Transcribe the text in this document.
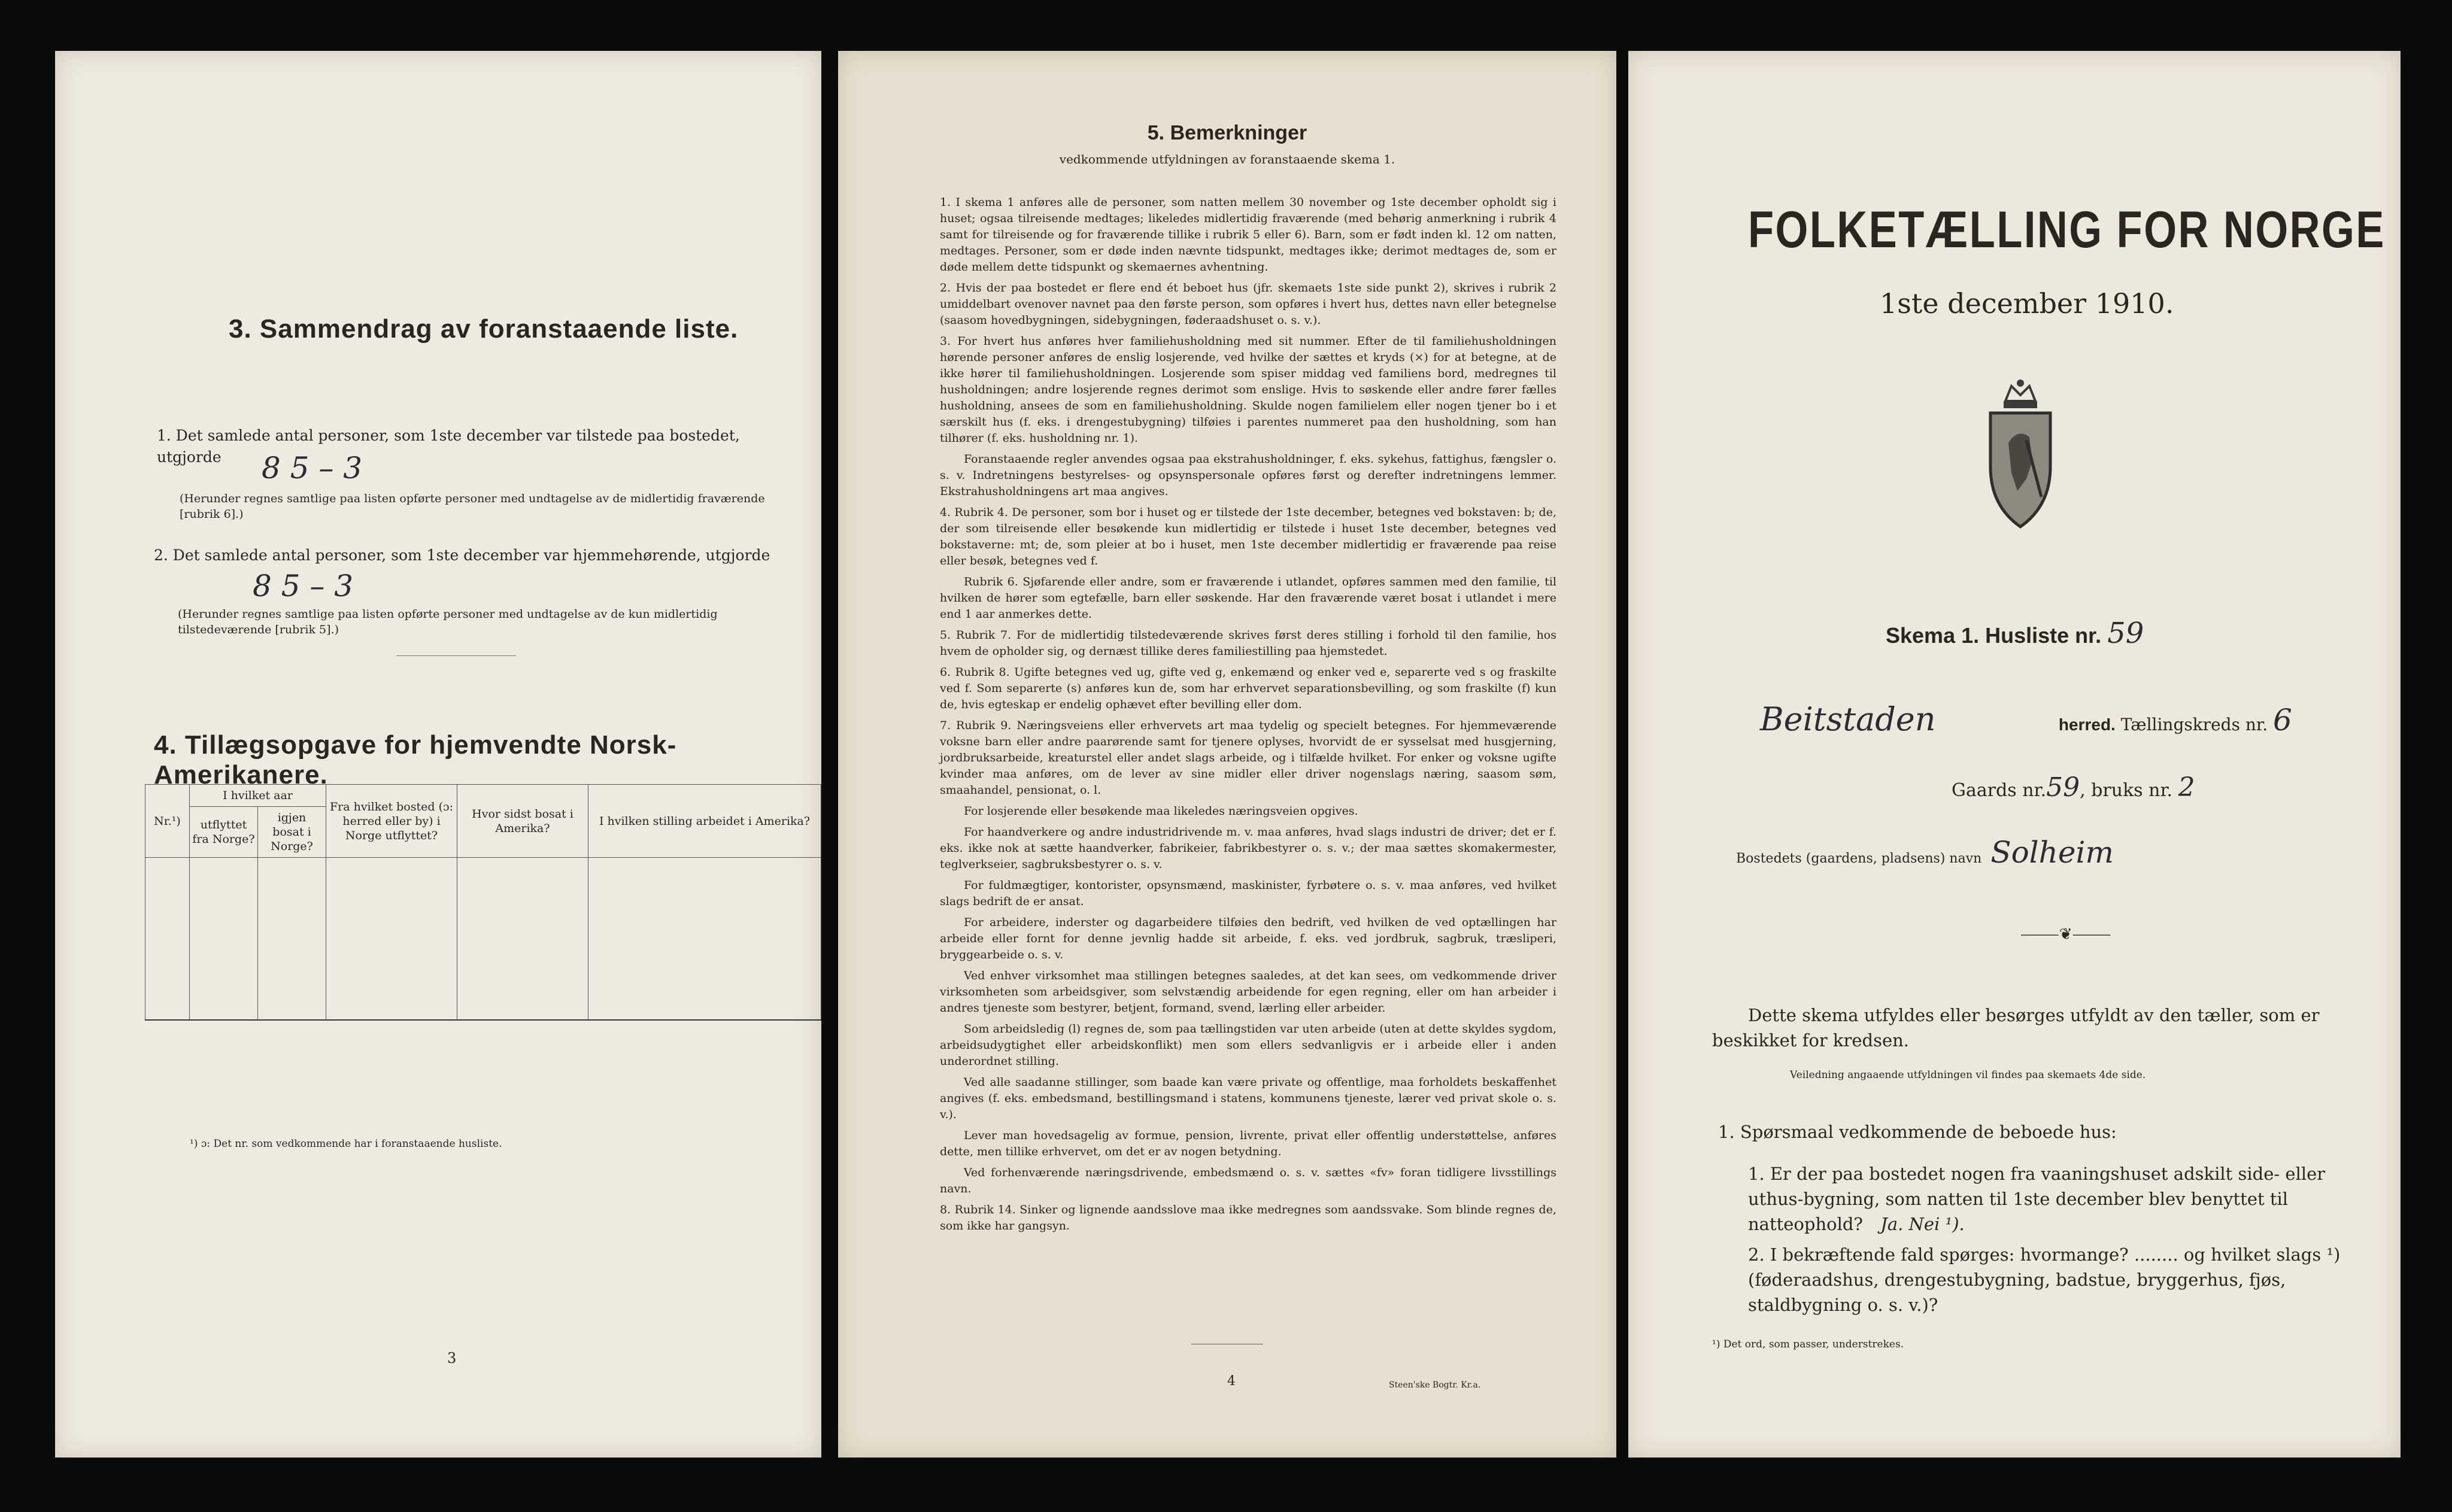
3. Sammendrag av foranstaaende liste.
1. Det samlede antal personer, som 1ste december var tilstede paa bostedet, utgjorde	8 5 – 3
(Herunder regnes samtlige paa listen opførte personer med undtagelse av de midlertidig fraværende [rubrik 6].)
2. Det samlede antal personer, som 1ste december var hjemmehørende, utgjorde
8 5 – 3
(Herunder regnes samtlige paa listen opførte personer med undtagelse av de kun midlertidig tilstedeværende [rubrik 5].)
4. Tillægsopgave for hjemvendte Norsk-Amerikanere.
Nr.¹)	I hvilket aar		Fra hvilket bosted (ɔ: herred eller by) i Norge utflyttet?	Hvor sidst bosat i Amerika?	I hvilken stilling arbeidet i Amerika?
	utflyttet fra Norge?	igjen bosat i Norge?			

¹) ɔ: Det nr. som vedkommende har i foranstaaende husliste.
3
5. Bemerkninger
vedkommende utfyldningen av foranstaaende skema 1.

1. I skema 1 anføres alle de personer, som natten mellem 30 november og 1ste december opholdt sig i huset; ogsaa tilreisende medtages; likeledes midlertidig fraværende (med behørig anmerkning i rubrik 4 samt for tilreisende og for fraværende tillike i rubrik 5 eller 6). Barn, som er født inden kl. 12 om natten, medtages. Personer, som er døde inden nævnte tidspunkt, medtages ikke; derimot medtages de, som er døde mellem dette tidspunkt og skemaernes avhentning.

2. Hvis der paa bostedet er flere end ét beboet hus (jfr. skemaets 1ste side punkt 2), skrives i rubrik 2 umiddelbart ovenover navnet paa den første person, som opføres i hvert hus, dettes navn eller betegnelse (saasom hovedbygningen, sidebygningen, føderaadshuset o. s. v.).

3. For hvert hus anføres hver familiehusholdning med sit nummer. Efter de til familiehusholdningen hørende personer anføres de enslig losjerende, ved hvilke der sættes et kryds (×) for at betegne, at de ikke hører til familiehusholdningen. Losjerende som spiser middag ved familiens bord, medregnes til husholdningen; andre losjerende regnes derimot som enslige. Hvis to søskende eller andre fører fælles husholdning, ansees de som en familiehusholdning. Skulde nogen familielem eller nogen tjener bo i et særskilt hus (f. eks. i drengestubygning) tilføies i parentes nummeret paa den husholdning, som han tilhører (f. eks. husholdning nr. 1).

Foranstaaende regler anvendes ogsaa paa ekstrahusholdninger, f. eks. sykehus, fattighus, fængsler o. s. v. Indretningens bestyrelses- og opsynspersonale opføres først og derefter indretningens lemmer. Ekstrahusholdningens art maa angives.

4. Rubrik 4. De personer, som bor i huset og er tilstede der 1ste december, betegnes ved bokstaven: b; de, der som tilreisende eller besøkende kun midlertidig er tilstede i huset 1ste december, betegnes ved bokstaverne: mt; de, som pleier at bo i huset, men 1ste december midlertidig er fraværende paa reise eller besøk, betegnes ved f.

Rubrik 6. Sjøfarende eller andre, som er fraværende i utlandet, opføres sammen med den familie, til hvilken de hører som egtefælle, barn eller søskende. Har den fraværende været bosat i utlandet i mere end 1 aar anmerkes dette.

5. Rubrik 7. For de midlertidig tilstedeværende skrives først deres stilling i forhold til den familie, hos hvem de opholder sig, og dernæst tillike deres familiestilling paa hjemstedet.

6. Rubrik 8. Ugifte betegnes ved ug, gifte ved g, enkemænd og enker ved e, separerte ved s og fraskilte ved f. Som separerte (s) anføres kun de, som har erhvervet separationsbevilling, og som fraskilte (f) kun de, hvis egteskap er endelig ophævet efter bevilling eller dom.

7. Rubrik 9. Næringsveiens eller erhvervets art maa tydelig og specielt betegnes. For hjemmeværende voksne barn eller andre paarørende samt for tjenere oplyses, hvorvidt de er sysselsat med husgjerning, jordbruksarbeide, kreaturstel eller andet slags arbeide, og i tilfælde hvilket. For enker og voksne ugifte kvinder maa anføres, om de lever av sine midler eller driver nogenslags næring, saasom søm, smaahandel, pensionat, o. l.

For losjerende eller besøkende maa likeledes næringsveien opgives.

For haandverkere og andre industridrivende m. v. maa anføres, hvad slags industri de driver; det er f. eks. ikke nok at sætte haandverker, fabrikeier, fabrikbestyrer o. s. v.; der maa sættes skomakermester, teglverkseier, sagbruksbestyrer o. s. v.

For fuldmægtiger, kontorister, opsynsmænd, maskinister, fyrbøtere o. s. v. maa anføres, ved hvilket slags bedrift de er ansat.

For arbeidere, inderster og dagarbeidere tilføies den bedrift, ved hvilken de ved optællingen har arbeide eller fornt for denne jevnlig hadde sit arbeide, f. eks. ved jordbruk, sagbruk, træsliperi, bryggearbeide o. s. v.

Ved enhver virksomhet maa stillingen betegnes saaledes, at det kan sees, om vedkommende driver virksomheten som arbeidsgiver, som selvstændig arbeidende for egen regning, eller om han arbeider i andres tjeneste som bestyrer, betjent, formand, svend, lærling eller arbeider.

Som arbeidsledig (l) regnes de, som paa tællingstiden var uten arbeide (uten at dette skyldes sygdom, arbeidsudygtighet eller arbeidskonflikt) men som ellers sedvanligvis er i arbeide eller i anden underordnet stilling.

Ved alle saadanne stillinger, som baade kan være private og offentlige, maa forholdets beskaffenhet angives (f. eks. embedsmand, bestillingsmand i statens, kommunens tjeneste, lærer ved privat skole o. s. v.).

Lever man hovedsagelig av formue, pension, livrente, privat eller offentlig understøttelse, anføres dette, men tillike erhvervet, om det er av nogen betydning.

Ved forhenværende næringsdrivende, embedsmænd o. s. v. sættes «fv» foran tidligere livsstillings navn.

8. Rubrik 14. Sinker og lignende aandsslove maa ikke medregnes som aandssvake. Som blinde regnes de, som ikke har gangsyn.

4	Steen'ske Bogtr. Kr.a.
FOLKETÆLLING FOR NORGE
1ste december 1910.
Skema 1. Husliste nr. 59
Beitstaden	herred. Tællingskreds nr. 6
Gaards nr.59, bruks nr. 2
Bostedets (gaardens, pladsens) navn Solheim
⸻❦⸻
Dette skema utfyldes eller besørges utfyldt av den tæller, som er beskikket for kredsen.
Veiledning angaaende utfyldningen vil findes paa skemaets 4de side.
1. Spørsmaal vedkommende de beboede hus:
1. Er der paa bostedet nogen fra vaaningshuset adskilt side- eller uthus-bygning, som natten til 1ste december blev benyttet til natteophold? Ja. Nei ¹).
2. I bekræftende fald spørges: hvormange? ........ og hvilket slags ¹) (føderaadshus, drengestubygning, badstue, bryggerhus, fjøs, staldbygning o. s. v.)?
¹) Det ord, som passer, understrekes.
